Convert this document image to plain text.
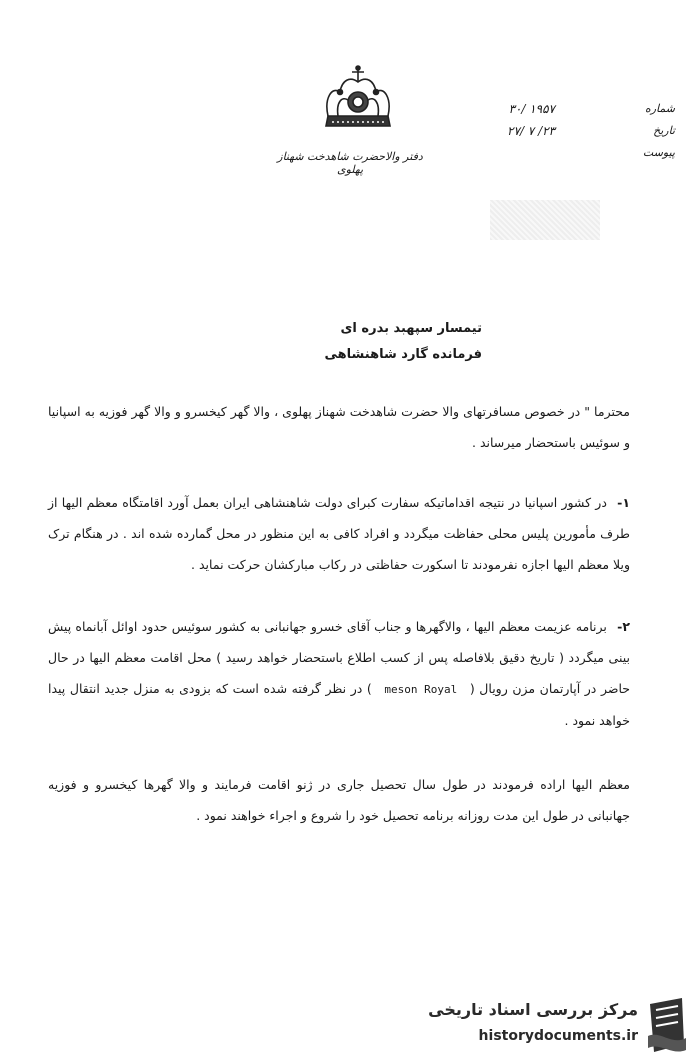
دفتر والاحضرت شاهدخت شهناز پهلوی
شماره
تاریخ
پیوست
۱۹۵۷ /۳۰
۲۳/ ۷ /۲۷
تیمسار سپهبد بدره ای
فرمانده گارد شاهنشاهی
محترما " در خصوص مسافرتهای والا حضرت شاهدخت شهناز پهلوی ، والا گهر کیخسرو و والا گهر فوزیه به اسپانیا و سوئیس باستحضار میرساند .
۱- در کشور اسپانیا در نتیجه اقداماتیکه سفارت کبرای دولت شاهنشاهی ایران بعمل آورد اقامتگاه معظم الیها از طرف مأمورین پلیس محلی حفاظت میگردد و افراد کافی به این منظور در محل گمارده شده اند . در هنگام ترک ویلا معظم الیها اجازه نفرمودند تا اسکورت حفاظتی در رکاب مبارکشان حرکت نماید .
۲- برنامه عزیمت معظم الیها ، والاگهرها و جناب آقای خسرو جهانبانی به کشور سوئیس حدود اوائل آبانماه پیش بینی میگردد ( تاریخ دقیق بلافاصله پس از کسب اطلاع باستحضار خواهد رسید ) محل اقامت معظم الیها در حال حاضر در آپارتمان مزن رویال ( meson Royal ) در نظر گرفته شده است که بزودی به منزل جدید انتقال پیدا خواهد نمود .
معظم الیها اراده فرمودند در طول سال تحصیل جاری در ژنو اقامت فرمایند و والا گهرها کیخسرو و فوزیه جهانبانی در طول این مدت روزانه برنامه تحصیل خود را شروع و اجراء خواهند نمود .
مرکز بررسی اسناد تاریخی
historydocuments.ir
